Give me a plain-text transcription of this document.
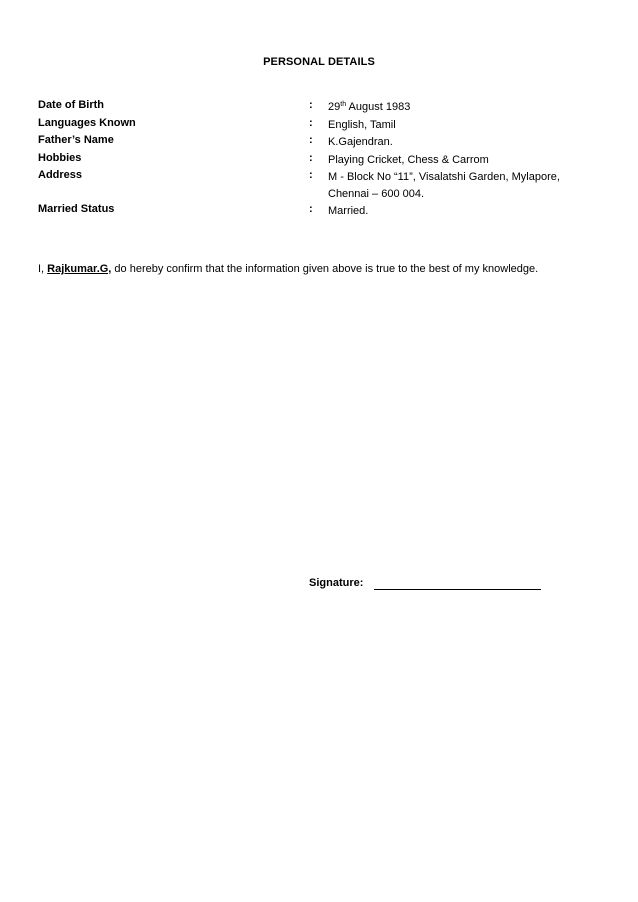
PERSONAL DETAILS
Date of Birth	: 29th August 1983
Languages Known	: English, Tamil
Father’s Name	: K.Gajendran.
Hobbies	: Playing Cricket, Chess & Carrom
Address	: M - Block No “11”, Visalatshi Garden, Mylapore,
Chennai – 600 004.
Married Status	: Married.
I, Rajkumar.G, do hereby confirm that the information given above is true to the best of my knowledge.
Signature:
